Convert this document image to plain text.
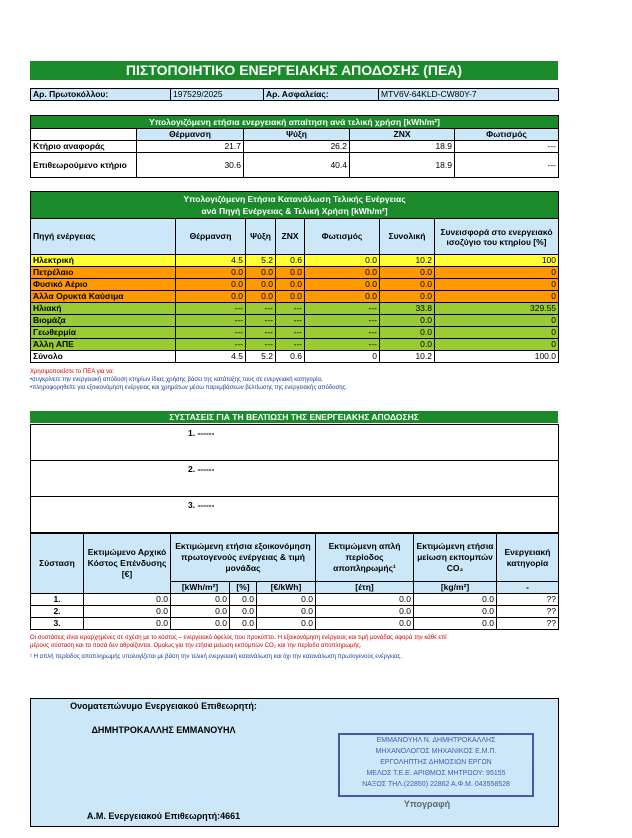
ΠΙΣΤΟΠΟΙΗΤΙΚΟ ΕΝΕΡΓΕΙΑΚΗΣ ΑΠΟΔΟΣΗΣ (ΠΕΑ)
Αρ. Πρωτοκόλλου:	197529/2025	Αρ. Ασφαλείας:	MTV6V-64KLD-CW80Y-7
Υπολογιζόμενη ετήσια ενεργειακή απαίτηση ανά τελική χρήση [kWh/m²]				
	Θέρμανση	Ψύξη	ΖΝΧ	Φωτισμός
Κτήριο αναφοράς	21.7	26.2	18.9	---
Επιθεωρούμενο κτήριο	30.6	40.4	18.9	---
Υπολογιζόμενη Ετήσια Κατανάλωση Τελικής Ενέργειας
ανά Πηγή Ενέργειας & Τελική Χρήση [kWh/m²]						

Πηγή ενέργειας	Θέρμανση	Ψύξη	ΖΝΧ	Φωτισμός	Συνολική	Συνεισφορά στο ενεργειακό ισοζύγιο του κτηρίου [%]
Ηλεκτρική	4.5	5.2	0.6	0.0	10.2	100
Πετρέλαιο	0.0	0.0	0.0	0.0	0.0	0
Φυσικό Αέριο	0.0	0.0	0.0	0.0	0.0	0
Άλλα Ορυκτά Καύσιμα	0.0	0.0	0.0	0.0	0.0	0
Ηλιακή	---	---	---	---	33.8	329.55
Βιομάζα	---	---	---	---	0.0	0
Γεωθερμία	---	---	---	---	0.0	0
Άλλη ΑΠΕ	---	---	---	---	0.0	0
Σύνολο	4.5	5.2	0.6	0	10.2	100.0
Χρησιμοποιείστε το ΠΕΑ για να:
•συγκρίνετε την ενεργειακή απόδοση κτηρίων ίδιας χρήσης βάσει της κατάταξης τους σε ενεργειακή κατηγορία,
•πληροφορηθείτε για εξοικονόμηση ενέργειας και χρημάτων μέσω παρεμβάσεων βελτίωσης της ενεργειακής απόδοσης.
ΣΥΣΤΑΣΕΙΣ ΓΙΑ ΤΗ ΒΕΛΤΙΩΣΗ ΤΗΣ ΕΝΕΡΓΕΙΑΚΗΣ ΑΠΟΔΟΣΗΣ
1. ------
2. ------
3. ------
Σύσταση	Εκτιμώμενο Αρχικό Κόστος Επένδυσης [€]	Εκτιμώμενη ετήσια εξοικονόμηση πρωτογενούς ενέργειας & τιμή μονάδας			Εκτιμώμενη απλή περίοδος αποπληρωμής¹	Εκτιμώμενη ετήσια μείωση εκπομπών CO₂	Ενεργειακή κατηγορία
		[kWh/m²]	[%]	[€/kWh]	[έτη]	[kg/m²]	-
1.	0.0	0.0	0.0	0.0	0.0	0.0	??
2.	0.0	0.0	0.0	0.0	0.0	0.0	??
3.	0.0	0.0	0.0	0.0	0.0	0.0	??
Οι συστάσεις είναι ιεραρχημένες σε σχέση με το κόστος – ενεργειακό όφελος που προκύπτει. Η εξοικονόμηση ενέργειας και τιμή μονάδας αφορά την κάθε επί
μέρους σύσταση και τα ποσά δεν αθροίζονται. Ομοίως για την ετήσια μείωση εκπομπών CO₂ και την περίοδο αποπληρωμής.
¹ Η απλή περίοδος αποπληρωμής υπολογίζεται με βάση την τελική ενεργειακή κατανάλωση και όχι την κατανάλωση πρωτογενούς ενέργειας.
Ονοματεπώνυμο Ενεργειακού Επιθεωρητή:
ΔΗΜΗΤΡΟΚΑΛΛΗΣ ΕΜΜΑΝΟΥΗΛ
Α.Μ. Ενεργειακού Επιθεωρητή:4661
ΕΜΜΑΝΟΥΗΛ Ν. ΔΗΜΗΤΡΟΚΑΛΛΗΣ
ΜΗΧΑΝΟΛΟΓΟΣ ΜΗΧΑΝΙΚΟΣ Ε.Μ.Π.
ΕΡΓΟΛΗΠΤΗΣ ΔΗΜΟΣΙΩΝ ΕΡΓΩΝ
ΜΕΛΟΣ Τ.Ε.Ε. ΑΡΙΘΜΟΣ ΜΗΤΡΩΟΥ: 95155
ΝΑΞΟΣ ΤΗΛ.(22850) 22862 Α.Φ.Μ. 043558528
Υπογραφή
